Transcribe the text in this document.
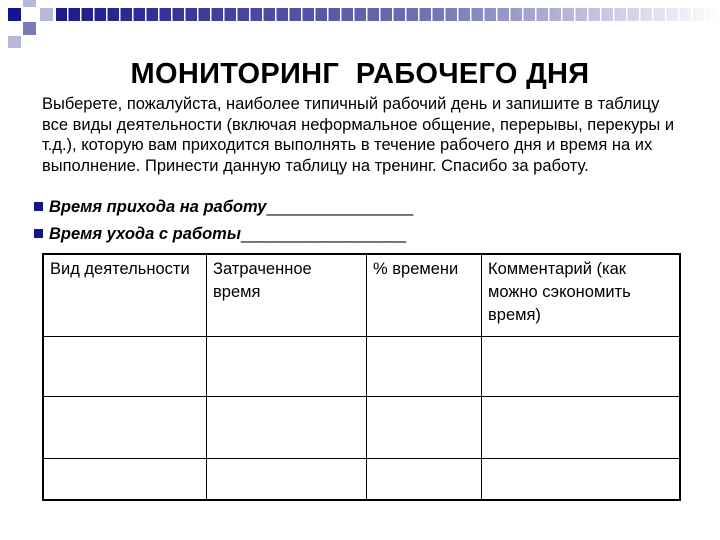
МОНИТОРИНГ  РАБОЧЕГО ДНЯ

Выберете, пожалуйста, наиболее типичный рабочий день и запишите в таблицу все виды деятельности (включая неформальное общение, перерывы, перекуры и т.д.), которую вам приходится выполнять в течение рабочего дня и время на их выполнение. Принести данную таблицу на тренинг. Спасибо за работу.

Время прихода на работу ________________
Время ухода с работы __________________
Вид деятельности	Затраченное время	% времени	Комментарий (как можно сэкономить время)
